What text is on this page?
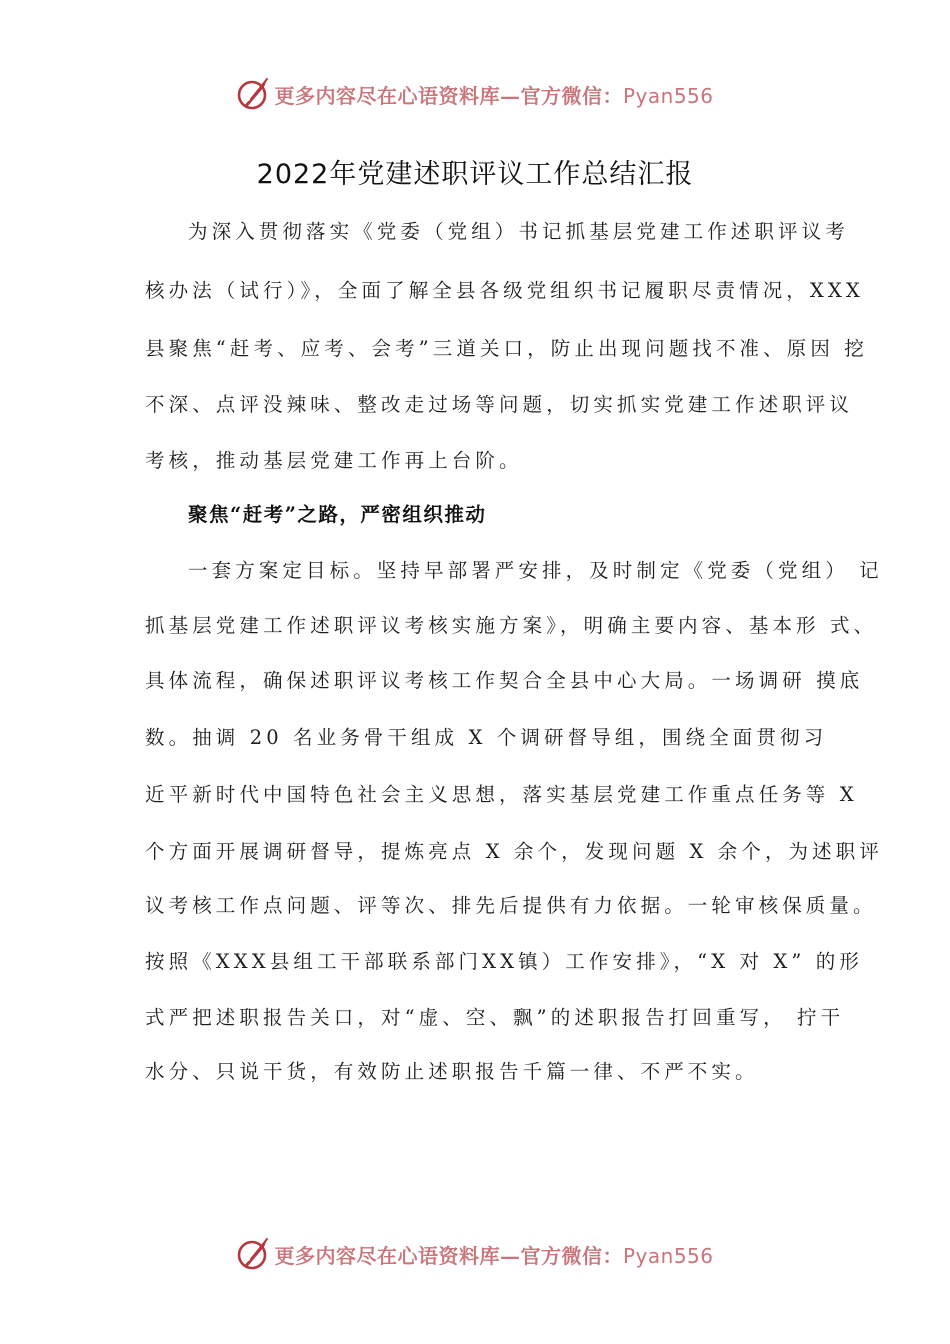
更多内容尽在心语资料库—官方微信：Pyan556
2022年党建述职评议工作总结汇报
为深入贯彻落实《党委（党组）书记抓基层党建工作述职评议考
核办法（试行）》，全面了解全县各级党组织书记履职尽责情况，XXX
县聚焦“赶考、应考、会考”三道关口，防止出现问题找不准、原因 挖
不深、点评没辣味、整改走过场等问题，切实抓实党建工作述职评议
考核，推动基层党建工作再上台阶。
聚焦“赶考”之路，严密组织推动
一套方案定目标。坚持早部署严安排，及时制定《党委（党组） 记
抓基层党建工作述职评议考核实施方案》，明确主要内容、基本形 式、
具体流程，确保述职评议考核工作契合全县中心大局。一场调研 摸底
数。抽调 20 名业务骨干组成 X 个调研督导组，围绕全面贯彻习
近平新时代中国特色社会主义思想，落实基层党建工作重点任务等 X
个方面开展调研督导，提炼亮点 X 余个，发现问题 X 余个，为述职评
议考核工作点问题、评等次、排先后提供有力依据。一轮审核保质量。
按照《XXX县组工干部联系部门XX镇）工作安排》，“X 对 X” 的形
式严把述职报告关口，对“虚、空、飘”的述职报告打回重写， 拧干
水分、只说干货，有效防止述职报告千篇一律、不严不实。
更多内容尽在心语资料库—官方微信：Pyan556
